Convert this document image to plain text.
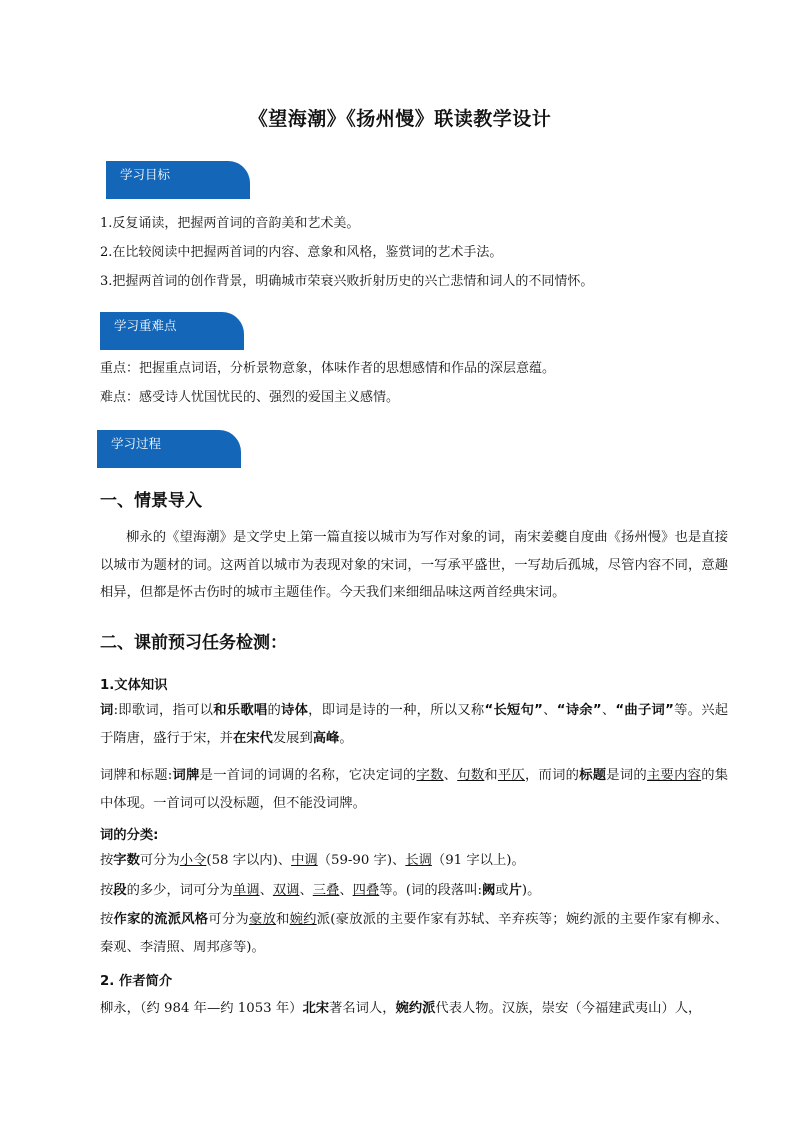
《望海潮》《扬州慢》联读教学设计
学习目标
1.反复诵读，把握两首词的音韵美和艺术美。
2.在比较阅读中把握两首词的内容、意象和风格，鉴赏词的艺术手法。
3.把握两首词的创作背景，明确城市荣衰兴败折射历史的兴亡悲情和词人的不同情怀。
学习重难点
重点：把握重点词语，分析景物意象，体味作者的思想感情和作品的深层意蕴。
难点：感受诗人忧国忧民的、强烈的爱国主义感情。
学习过程
一、情景导入
柳永的《望海潮》是文学史上第一篇直接以城市为写作对象的词，南宋姜夔自度曲《扬州慢》也是直接以城市为题材的词。这两首以城市为表现对象的宋词，一写承平盛世，一写劫后孤城，尽管内容不同，意趣相异，但都是怀古伤时的城市主题佳作。今天我们来细细品味这两首经典宋词。
二、课前预习任务检测：
1.文体知识
词:即歌词，指可以和乐歌唱的诗体，即词是诗的一种，所以又称“长短句”、“诗余”、“曲子词”等。兴起于隋唐，盛行于宋，并在宋代发展到高峰。
词牌和标题:词牌是一首词的词调的名称，它决定词的字数、句数和平仄，而词的标题是词的主要内容的集中体现。一首词可以没标题，但不能没词牌。
词的分类:
按字数可分为小令(58 字以内)、中调（59-90 字)、长调（91 字以上)。
按段的多少，词可分为单调、双调、三叠、四叠等。(词的段落叫:阙或片)。
按作家的流派风格可分为豪放和婉约派(豪放派的主要作家有苏轼、辛弃疾等；婉约派的主要作家有柳永、秦观、李清照、周邦彦等)。
2. 作者简介
柳永，（约 984 年—约 1053 年）北宋著名词人，婉约派代表人物。汉族，崇安（今福建武夷山）人，
